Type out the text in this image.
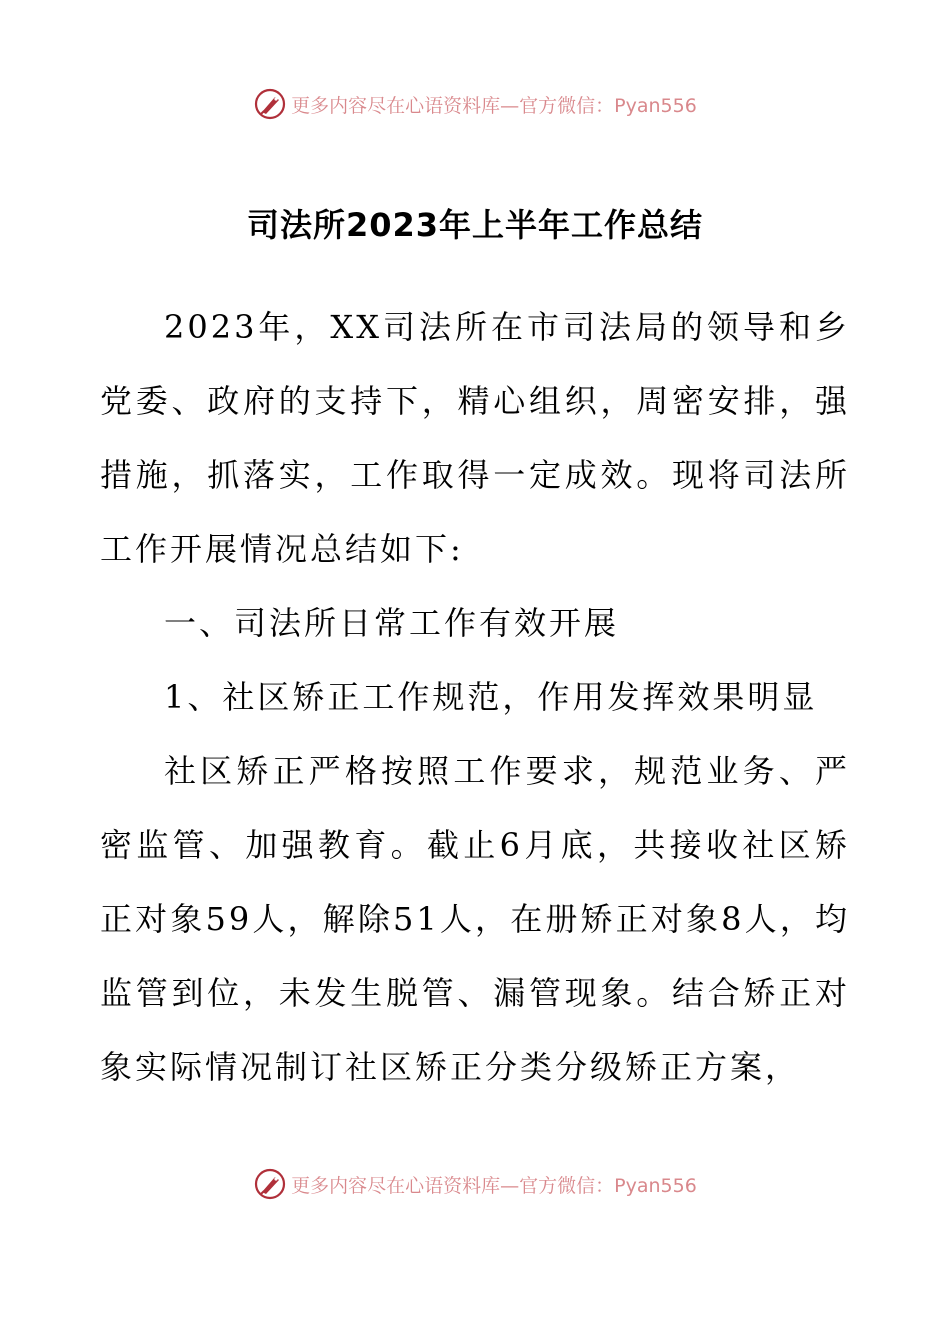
更多内容尽在心语资料库—官方微信：Pyan556
司法所2023年上半年工作总结

2023年，XX司法所在市司法局的领导和乡党委、政府的支持下，精心组织，周密安排，强措施，抓落实，工作取得一定成效。现将司法所工作开展情况总结如下:

一、司法所日常工作有效开展

1、社区矫正工作规范，作用发挥效果明显

社区矫正严格按照工作要求，规范业务、严密监管、加强教育。截止6月底，共接收社区矫正对象59人，解除51人，在册矫正对象8人，均监管到位，未发生脱管、漏管现象。结合矫正对象实际情况制订社区矫正分类分级矫正方案，

更多内容尽在心语资料库—官方微信：Pyan556
